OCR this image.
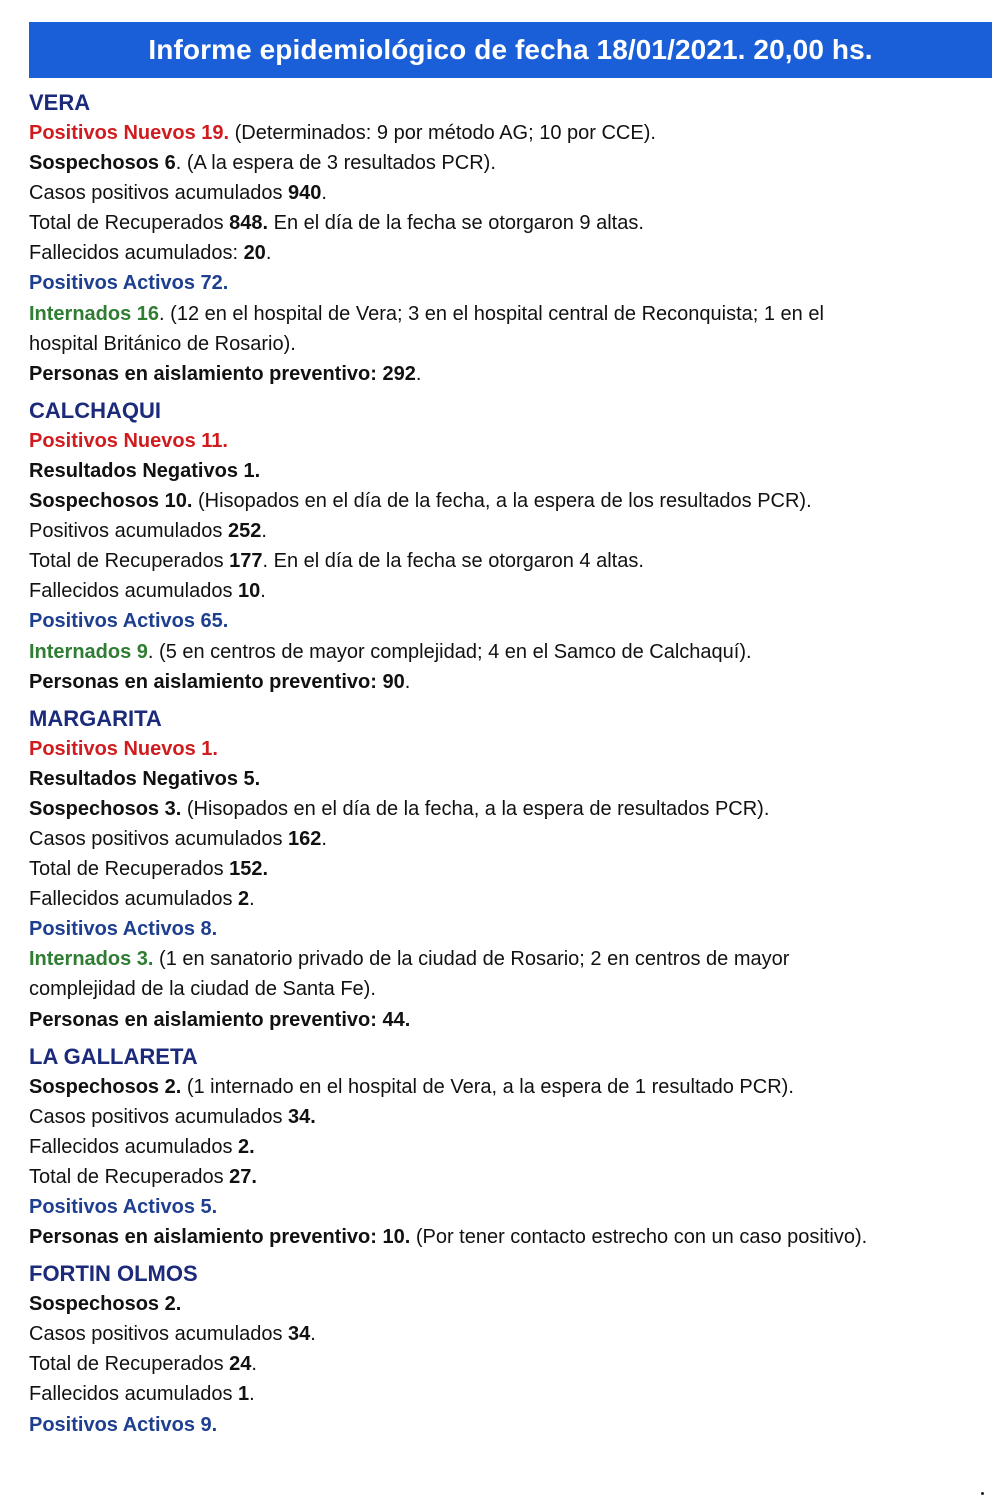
Informe epidemiológico de fecha 18/01/2021. 20,00 hs.
VERA
Positivos Nuevos 19. (Determinados: 9 por método AG; 10 por CCE).
Sospechosos 6. (A la espera de 3 resultados PCR).
Casos positivos acumulados 940.
Total de Recuperados 848. En el día de la fecha se otorgaron 9 altas.
Fallecidos acumulados: 20.
Positivos Activos 72.
Internados 16. (12 en el hospital de Vera; 3 en el hospital central de Reconquista; 1 en el
hospital Británico de Rosario).
Personas en aislamiento preventivo: 292.
CALCHAQUI
Positivos Nuevos 11.
Resultados Negativos 1.
Sospechosos 10. (Hisopados en el día de la fecha, a la espera de los resultados PCR).
Positivos acumulados 252.
Total de Recuperados 177. En el día de la fecha se otorgaron 4 altas.
Fallecidos acumulados 10.
Positivos Activos 65.
Internados 9. (5 en centros de mayor complejidad; 4 en el Samco de Calchaquí).
Personas en aislamiento preventivo: 90.
MARGARITA
Positivos Nuevos 1.
Resultados Negativos 5.
Sospechosos 3. (Hisopados en el día de la fecha, a la espera de resultados PCR).
Casos positivos acumulados 162.
Total de Recuperados 152.
Fallecidos acumulados 2.
Positivos Activos 8.
Internados 3. (1 en sanatorio privado de la ciudad de Rosario; 2 en centros de mayor
complejidad de la ciudad de Santa Fe).
Personas en aislamiento preventivo: 44.
LA GALLARETA
Sospechosos 2. (1 internado en el hospital de Vera, a la espera de 1 resultado PCR).
Casos positivos acumulados 34.
Fallecidos acumulados 2.
Total de Recuperados 27.
Positivos Activos 5.
Personas en aislamiento preventivo: 10. (Por tener contacto estrecho con un caso positivo).
FORTIN OLMOS
Sospechosos 2.
Casos positivos acumulados 34.
Total de Recuperados 24.
Fallecidos acumulados 1.
Positivos Activos 9.
